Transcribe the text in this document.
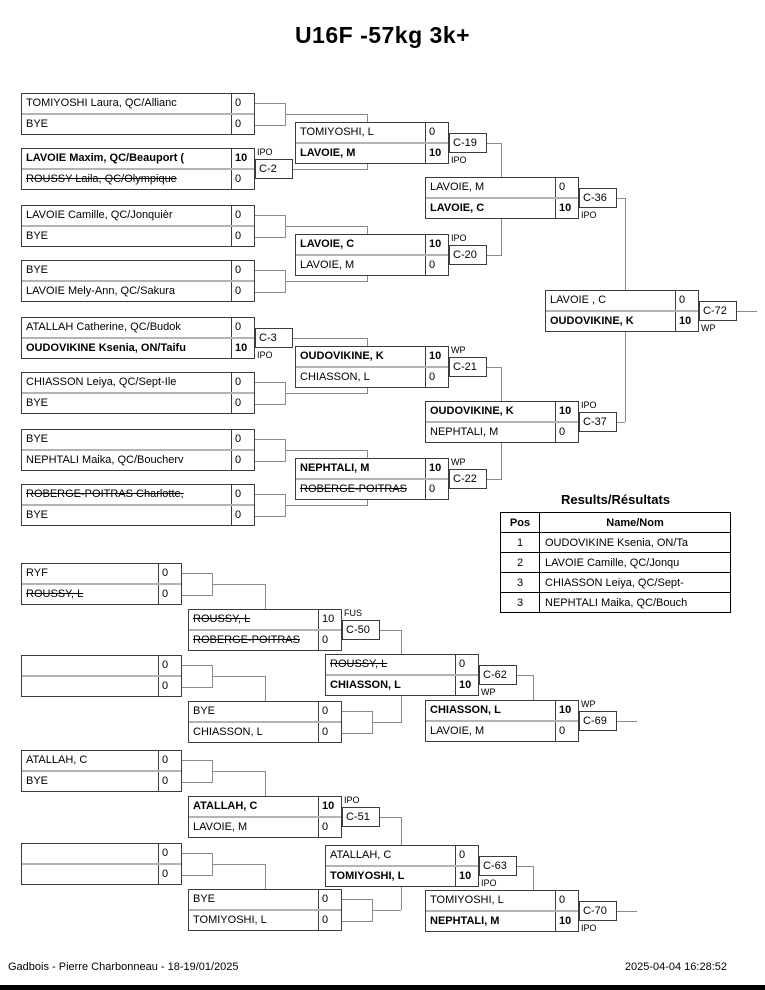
U16F -57kg 3k+
TOMIYOSHI Laura, QC/Allianc	0
BYE	0
LAVOIE Maxim, QC/Beauport (	10
ROUSSY Laila, QC/Olympique	0
C-2
IPO
LAVOIE Camille, QC/Jonquièr	0
BYE	0
BYE	0
LAVOIE Mely-Ann, QC/Sakura	0
ATALLAH Catherine, QC/Budok	0
OUDOVIKINE Ksenia, ON/Taifu	10
C-3
IPO
CHIASSON Leiya, QC/Sept-Ile	0
BYE	0
BYE	0
NEPHTALI Maika, QC/Boucherv	0
ROBERGE-POITRAS Charlotte,	0
BYE	0
TOMIYOSHI, L	0
LAVOIE, M	10
C-19
IPO
LAVOIE, C	10
LAVOIE, M	0
C-20
IPO
OUDOVIKINE, K	10
CHIASSON, L	0
C-21
WP
NEPHTALI, M	10
ROBERGE-POITRAS	0
C-22
WP
LAVOIE, M	0
LAVOIE, C	10
C-36
IPO
OUDOVIKINE, K	10
NEPHTALI, M	0
C-37
IPO
LAVOIE , C	0
OUDOVIKINE, K	10
C-72
WP
RYF	0
ROUSSY, L	0
ROUSSY, L	10
ROBERGE-POITRAS	0
C-50
FUS
0
0
BYE	0
CHIASSON, L	0
ROUSSY, L	0
CHIASSON, L	10
C-62
WP
CHIASSON, L	10
LAVOIE, M	0
C-69
WP
ATALLAH, C	0
BYE	0
ATALLAH, C	10
LAVOIE, M	0
C-51
IPO
0
0
BYE	0
TOMIYOSHI, L	0
ATALLAH, C	0
TOMIYOSHI, L	10
C-63
IPO
TOMIYOSHI, L	0
NEPHTALI, M	10
C-70
IPO
Results/Résultats
Pos	Name/Nom
1	OUDOVIKINE Ksenia, ON/Ta
2	LAVOIE Camille, QC/Jonqu
3	CHIASSON Leiya, QC/Sept-
3	NEPHTALI Maika, QC/Bouch
Gadbois - Pierre Charbonneau - 18-19/01/2025	2025-04-04 16:28:52
